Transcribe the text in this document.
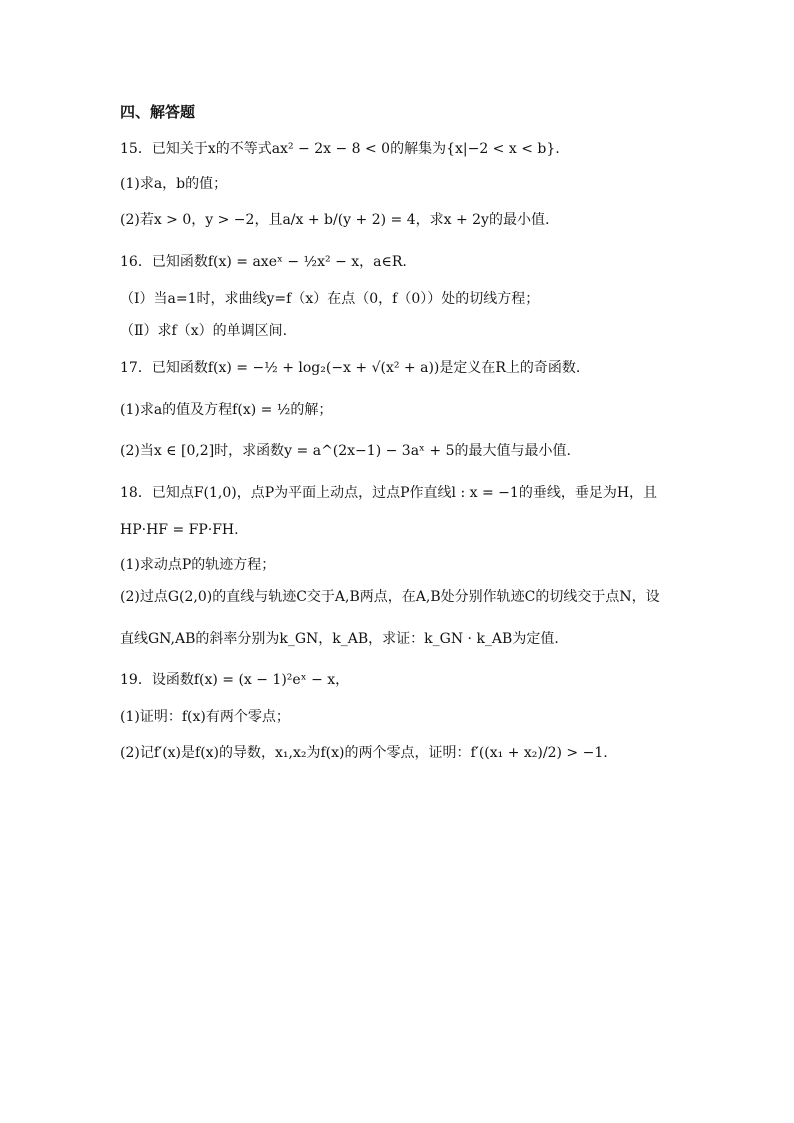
四、解答题
15．已知关于x的不等式ax² − 2x − 8 < 0的解集为{x|−2 < x < b}.
(1)求a，b的值；
(2)若x > 0，y > −2，且a/x + b/(y + 2) = 4，求x + 2y的最小值.
16．已知函数f(x) = axeˣ − ½x² − x，a∈R.
（Ⅰ）当a=1时，求曲线y=f（x）在点（0，f（0））处的切线方程；
（Ⅱ）求f（x）的单调区间.
17．已知函数f(x) = −½ + log₂(−x + √(x² + a))是定义在R上的奇函数.
(1)求a的值及方程f(x) = ½的解；
(2)当x ∈ [0,2]时，求函数y = a^(2x−1) − 3aˣ + 5的最大值与最小值.
18．已知点F(1,0)，点P为平面上动点，过点P作直线l : x = −1的垂线，垂足为H，且
HP·HF = FP·FH.
(1)求动点P的轨迹方程；
(2)过点G(2,0)的直线与轨迹C交于A,B两点，在A,B处分别作轨迹C的切线交于点N，设
直线GN,AB的斜率分别为k_GN，k_AB，求证：k_GN · k_AB为定值.
19．设函数f(x) = (x − 1)²eˣ − x，
(1)证明：f(x)有两个零点；
(2)记f′(x)是f(x)的导数，x₁,x₂为f(x)的两个零点，证明：f′((x₁ + x₂)/2) > −1.
